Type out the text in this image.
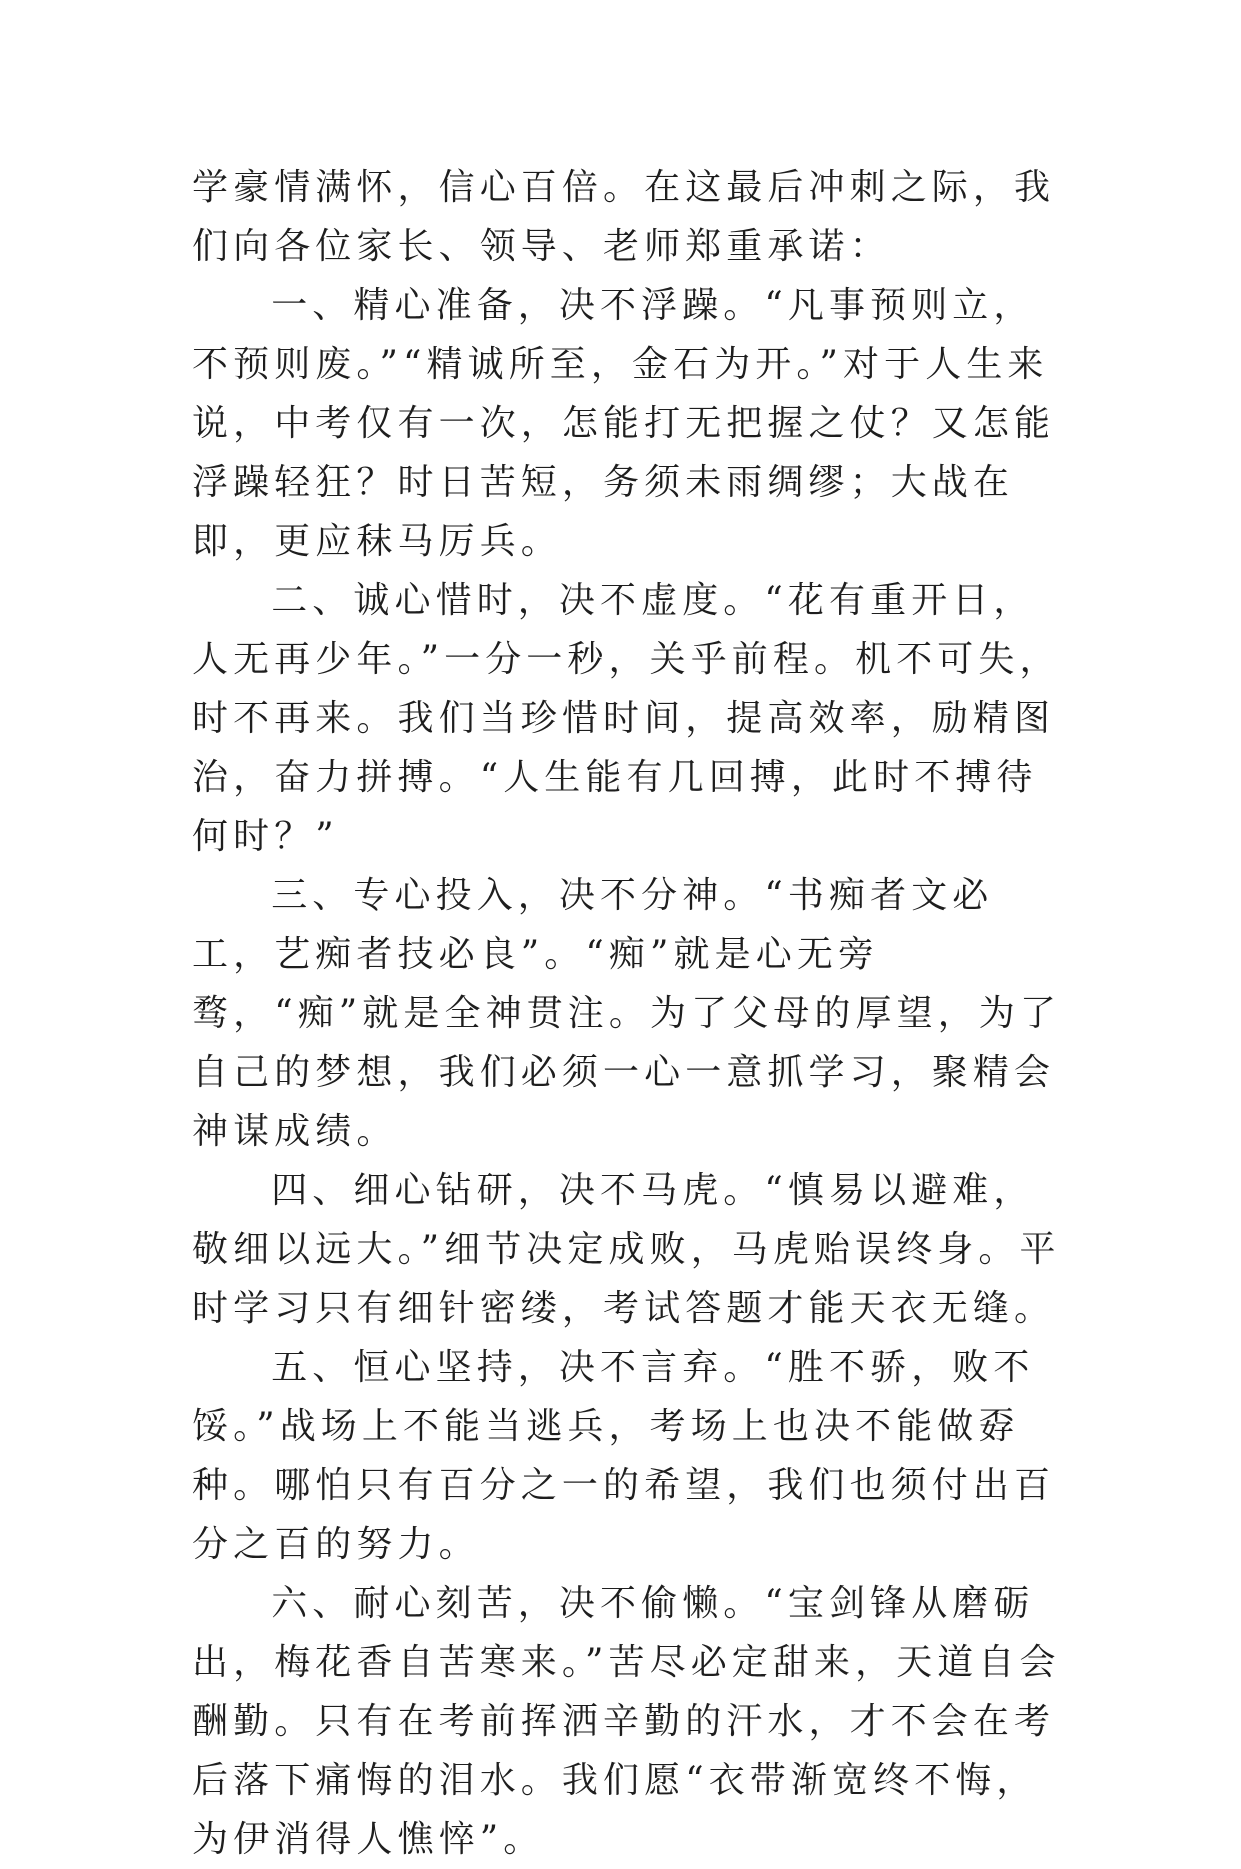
学豪情满怀，信心百倍。在这最后冲刺之际，我们向各位家长、领导、老师郑重承诺：

一、精心准备，决不浮躁。“凡事预则立，不预则废。”“精诚所至，金石为开。”对于人生来说，中考仅有一次，怎能打无把握之仗？又怎能浮躁轻狂？时日苦短，务须未雨绸缪；大战在即，更应秣马厉兵。

二、诚心惜时，决不虚度。“花有重开日，人无再少年。”一分一秒，关乎前程。机不可失，时不再来。我们当珍惜时间，提高效率，励精图治，奋力拼搏。“人生能有几回搏，此时不搏待何时？”

三、专心投入，决不分神。“书痴者文必工，艺痴者技必良”。“痴”就是心无旁骛，“痴”就是全神贯注。为了父母的厚望，为了自己的梦想，我们必须一心一意抓学习，聚精会神谋成绩。

四、细心钻研，决不马虎。“慎易以避难，敬细以远大。”细节决定成败，马虎贻误终身。平时学习只有细针密缕，考试答题才能天衣无缝。

五、恒心坚持，决不言弃。“胜不骄，败不馁。”战场上不能当逃兵，考场上也决不能做孬种。哪怕只有百分之一的希望，我们也须付出百分之百的努力。

六、耐心刻苦，决不偷懒。“宝剑锋从磨砺出，梅花香自苦寒来。”苦尽必定甜来，天道自会酬勤。只有在考前挥洒辛勤的汗水，才不会在考后落下痛悔的泪水。我们愿“衣带渐宽终不悔，为伊消得人憔悴”。
